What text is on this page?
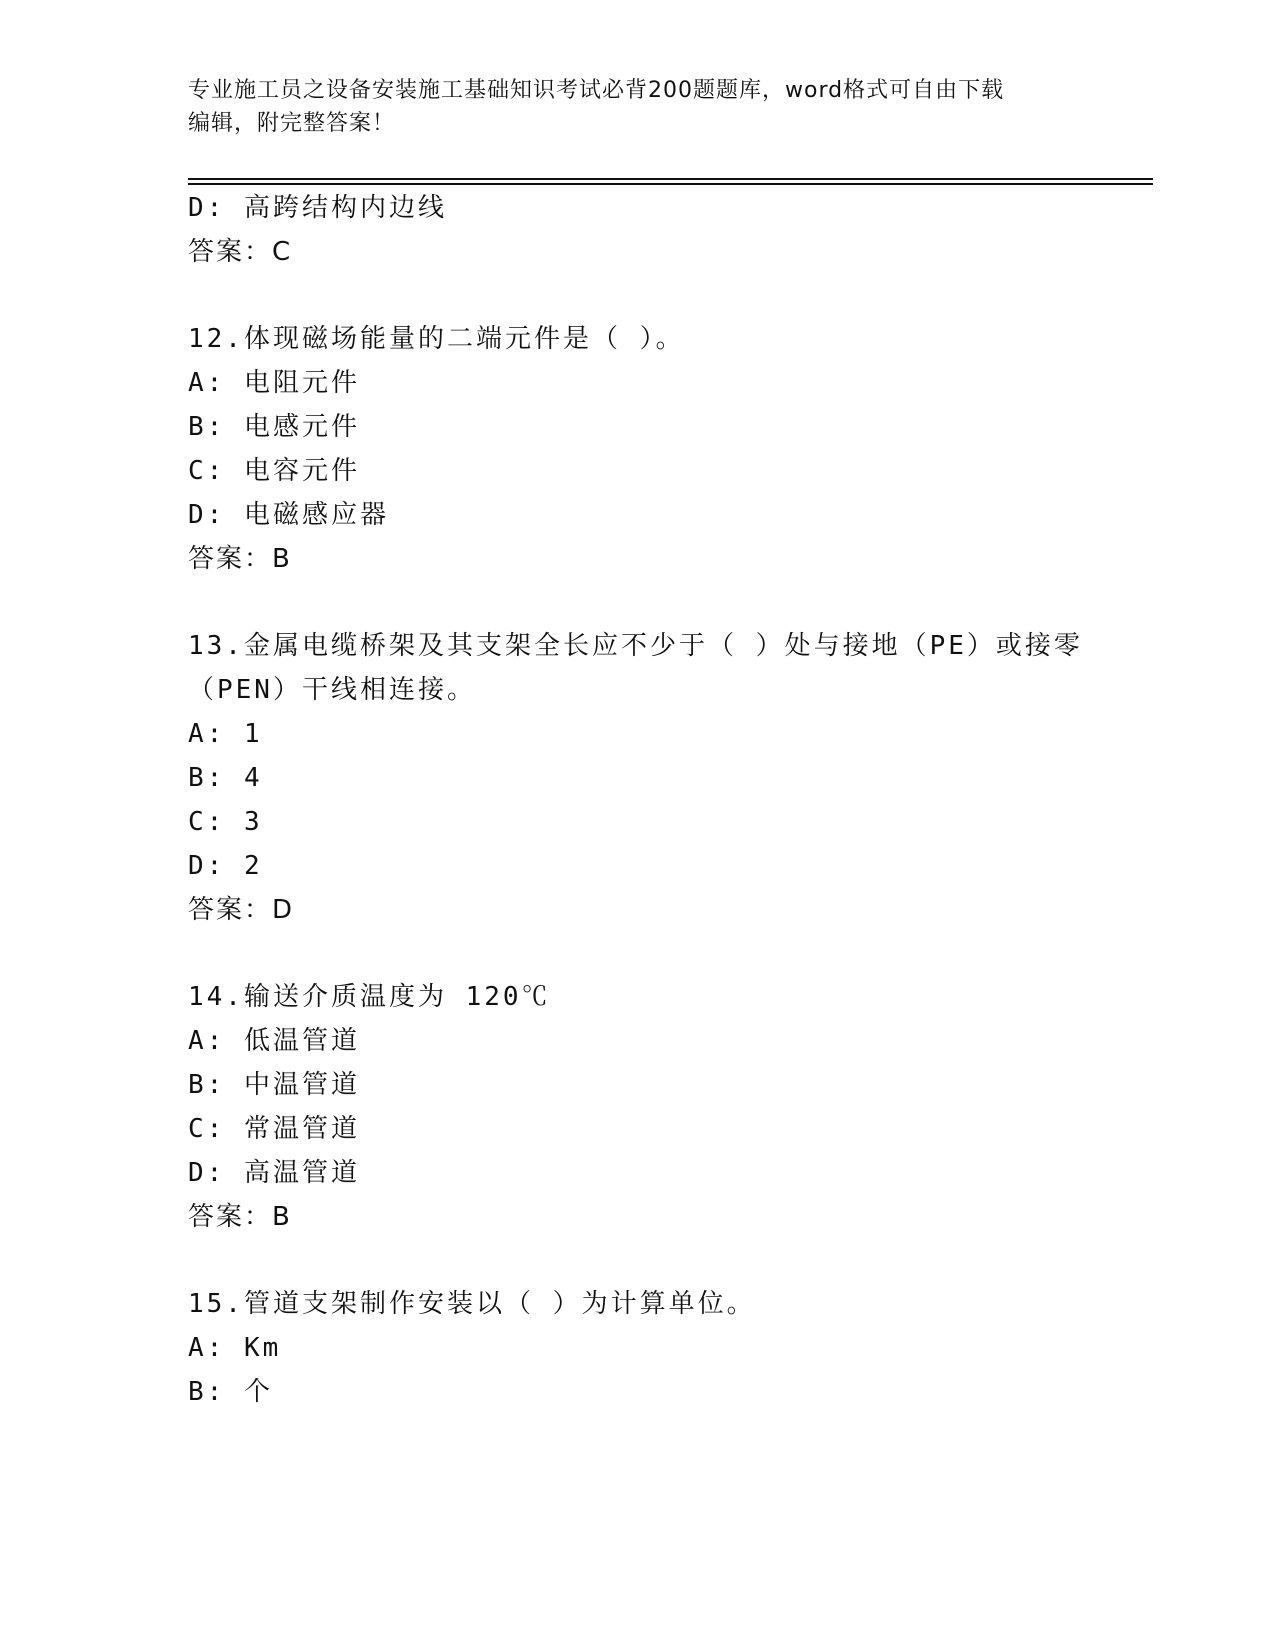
专业施工员之设备安装施工基础知识考试必背200题题库，word格式可自由下载
编辑，附完整答案！
D: 高跨结构内边线
答案：C
12.体现磁场能量的二端元件是（ ）。
A: 电阻元件
B: 电感元件
C: 电容元件
D: 电磁感应器
答案：B
13.金属电缆桥架及其支架全长应不少于（ ）处与接地（PE）或接零
（PEN）干线相连接。
A: 1
B: 4
C: 3
D: 2
答案：D
14.输送介质温度为 120℃
A: 低温管道
B: 中温管道
C: 常温管道
D: 高温管道
答案：B
15.管道支架制作安装以（ ）为计算单位。
A: Km
B: 个
